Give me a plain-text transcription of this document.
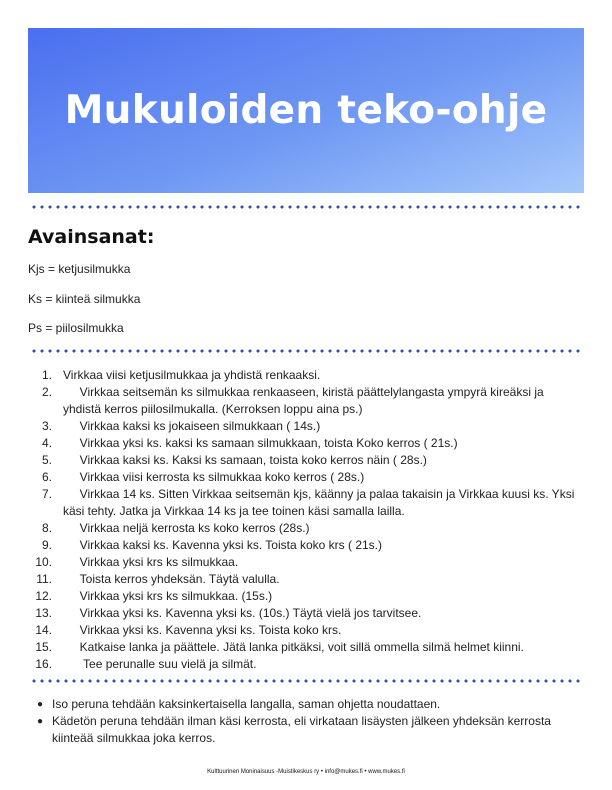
Mukuloiden teko-ohje
Avainsanat:
Kjs = ketjusilmukka
Ks = kiinteä silmukka
Ps = piilosilmukka
1. Virkkaa viisi ketjusilmukkaa ja yhdistä renkaaksi.
2. Virkkaa seitsemän ks silmukkaa renkaaseen, kiristä päättelylangasta ympyrä kireäksi ja yhdistä kerros piilosilmukalla. (Kerroksen loppu aina ps.)
3. Virkkaa kaksi ks jokaiseen silmukkaan ( 14s.)
4. Virkkaa yksi ks. kaksi ks samaan silmukkaan, toista Koko kerros ( 21s.)
5. Virkkaa kaksi ks. Kaksi ks samaan, toista koko kerros näin ( 28s.)
6. Virkkaa viisi kerrosta ks silmukkaa koko kerros ( 28s.)
7. Virkkaa 14 ks. Sitten Virkkaa seitsemän kjs, käänny ja palaa takaisin ja Virkkaa kuusi ks. Yksi käsi tehty. Jatka ja Virkkaa 14 ks ja tee toinen käsi samalla lailla.
8. Virkkaa neljä kerrosta ks koko kerros (28s.)
9. Virkkaa kaksi ks. Kavenna yksi ks. Toista koko krs ( 21s.)
10. Virkkaa yksi krs ks silmukkaa.
11. Toista kerros yhdeksän. Täytä valulla.
12. Virkkaa yksi krs ks silmukkaa. (15s.)
13. Virkkaa yksi ks. Kavenna yksi ks. (10s.) Täytä vielä jos tarvitsee.
14. Virkkaa yksi ks. Kavenna yksi ks. Toista koko krs.
15. Katkaise lanka ja päättele. Jätä lanka pitkäksi, voit sillä ommella silmä helmet kiinni.
16. Tee perunalle suu vielä ja silmät.
● Iso peruna tehdään kaksinkertaisella langalla, saman ohjetta noudattaen.
● Kädetön peruna tehdään ilman käsi kerrosta, eli virkataan lisäysten jälkeen yhdeksän kerrosta kiinteää silmukkaa joka kerros.
Kulttuurinen Moninaisuus -Muistikeskus ry • info@mukes.fi • www.mukes.fi
